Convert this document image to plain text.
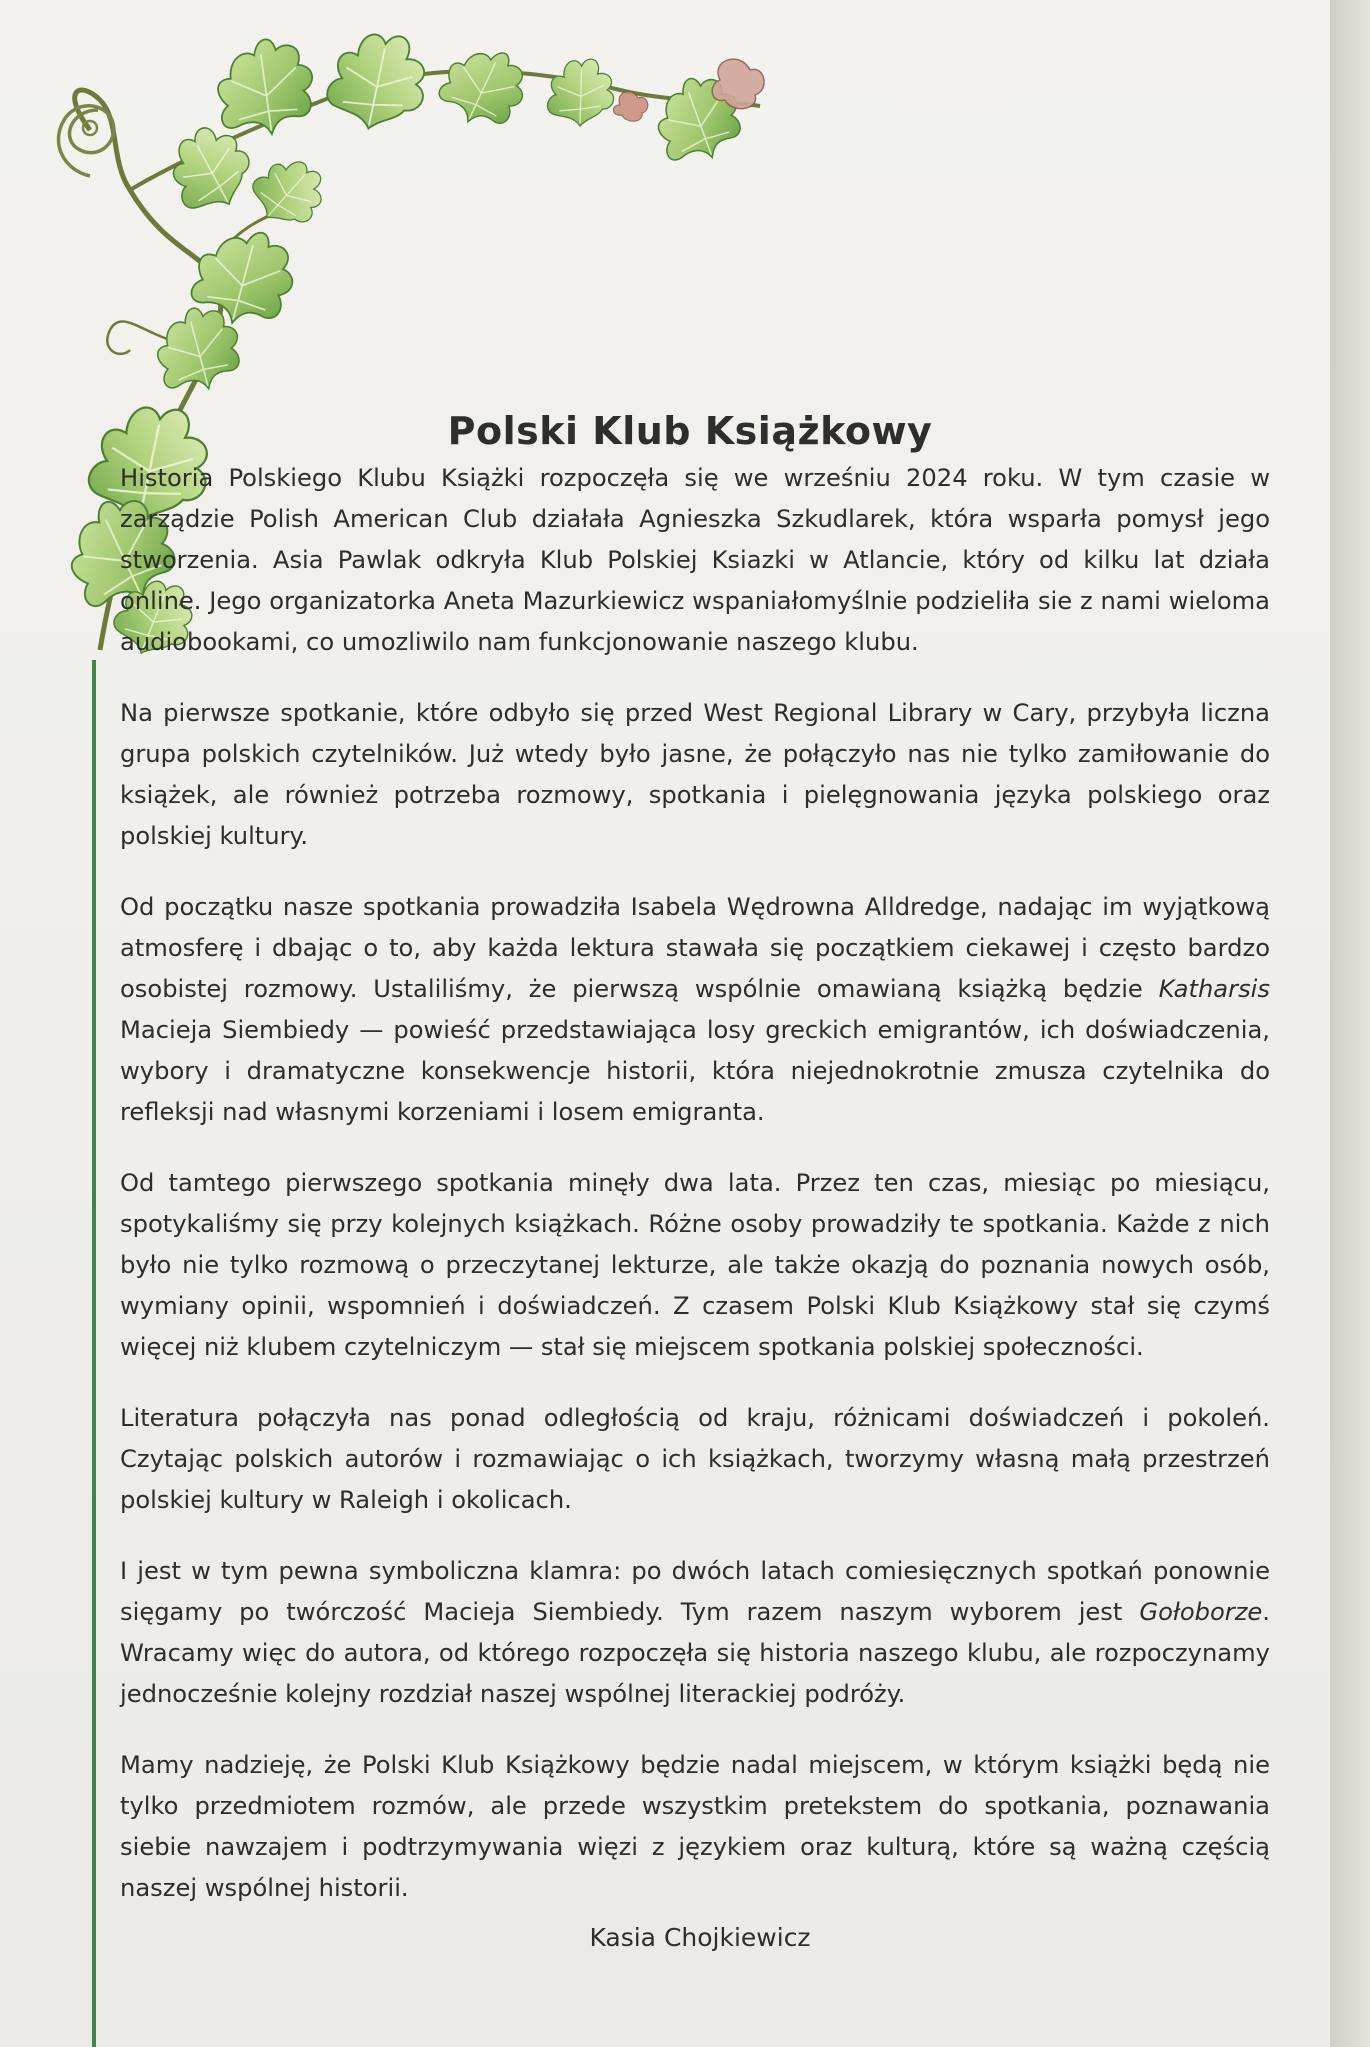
Polski Klub Książkowy

Historia Polskiego Klubu Książki rozpoczęła się we wrześniu 2024 roku. W tym czasie w zarządzie Polish American Club działała Agnieszka Szkudlarek, która wsparła pomysł jego stworzenia. Asia Pawlak odkryła Klub Polskiej Ksiazki w Atlancie, który od kilku lat działa online. Jego organizatorka Aneta Mazurkiewicz wspaniałomyślnie podzieliła sie z nami wieloma audiobookami, co umozliwilo nam funkcjonowanie naszego klubu.

Na pierwsze spotkanie, które odbyło się przed West Regional Library w Cary, przybyła liczna grupa polskich czytelników. Już wtedy było jasne, że połączyło nas nie tylko zamiłowanie do książek, ale również potrzeba rozmowy, spotkania i pielęgnowania języka polskiego oraz polskiej kultury.

Od początku nasze spotkania prowadziła Isabela Wędrowna Alldredge, nadając im wyjątkową atmosferę i dbając o to, aby każda lektura stawała się początkiem ciekawej i często bardzo osobistej rozmowy. Ustaliliśmy, że pierwszą wspólnie omawianą książką będzie Katharsis Macieja Siembiedy — powieść przedstawiająca losy greckich emigrantów, ich doświadczenia, wybory i dramatyczne konsekwencje historii, która niejednokrotnie zmusza czytelnika do refleksji nad własnymi korzeniami i losem emigranta.

Od tamtego pierwszego spotkania minęły dwa lata. Przez ten czas, miesiąc po miesiącu, spotykaliśmy się przy kolejnych książkach. Różne osoby prowadziły te spotkania. Każde z nich było nie tylko rozmową o przeczytanej lekturze, ale także okazją do poznania nowych osób, wymiany opinii, wspomnień i doświadczeń. Z czasem Polski Klub Książkowy stał się czymś więcej niż klubem czytelniczym — stał się miejscem spotkania polskiej społeczności.

Literatura połączyła nas ponad odległością od kraju, różnicami doświadczeń i pokoleń. Czytając polskich autorów i rozmawiając o ich książkach, tworzymy własną małą przestrzeń polskiej kultury w Raleigh i okolicach.

I jest w tym pewna symboliczna klamra: po dwóch latach comiesięcznych spotkań ponownie sięgamy po twórczość Macieja Siembiedy. Tym razem naszym wyborem jest Gołoborze. Wracamy więc do autora, od którego rozpoczęła się historia naszego klubu, ale rozpoczynamy jednocześnie kolejny rozdział naszej wspólnej literackiej podróży.

Mamy nadzieję, że Polski Klub Książkowy będzie nadal miejscem, w którym książki będą nie tylko przedmiotem rozmów, ale przede wszystkim pretekstem do spotkania, poznawania siebie nawzajem i podtrzymywania więzi z językiem oraz kulturą, które są ważną częścią naszej wspólnej historii.

Kasia Chojkiewicz
